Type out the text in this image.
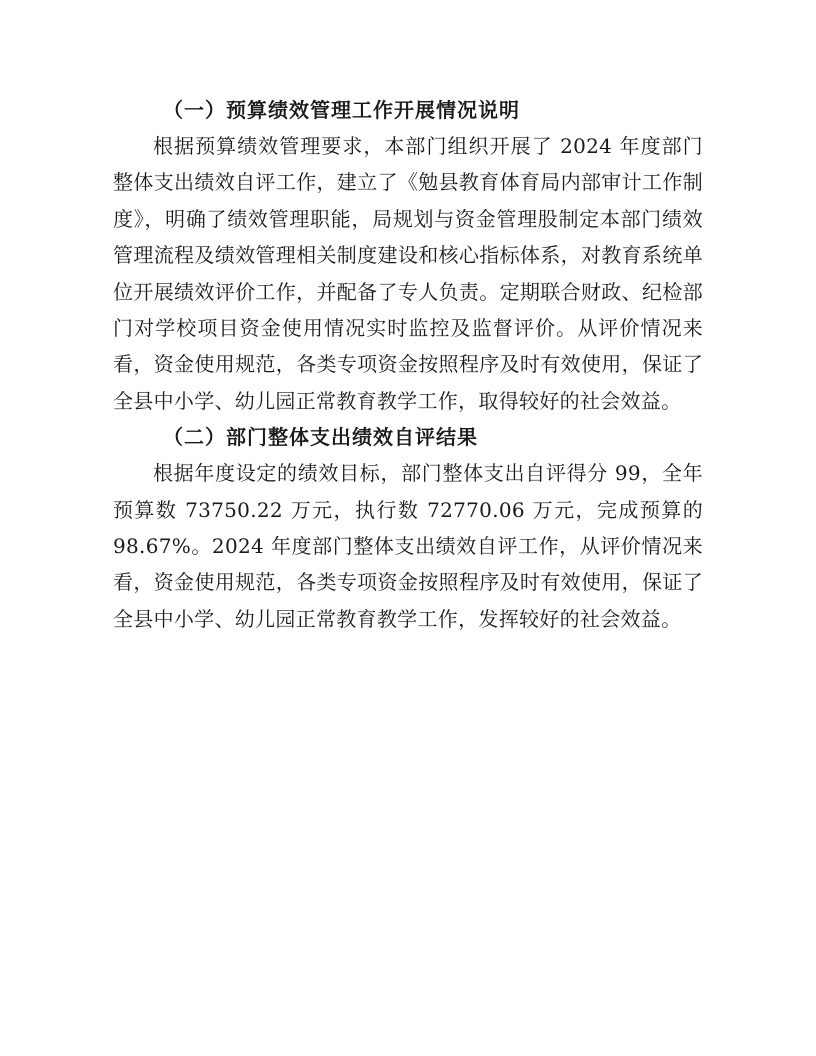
（一）预算绩效管理工作开展情况说明

根据预算绩效管理要求，本部门组织开展了 2024 年度部门整体支出绩效自评工作，建立了《勉县教育体育局内部审计工作制度》，明确了绩效管理职能，局规划与资金管理股制定本部门绩效管理流程及绩效管理相关制度建设和核心指标体系，对教育系统单位开展绩效评价工作，并配备了专人负责。定期联合财政、纪检部门对学校项目资金使用情况实时监控及监督评价。从评价情况来看，资金使用规范，各类专项资金按照程序及时有效使用，保证了全县中小学、幼儿园正常教育教学工作，取得较好的社会效益。

（二）部门整体支出绩效自评结果

根据年度设定的绩效目标，部门整体支出自评得分 99，全年预算数 73750.22 万元，执行数 72770.06 万元，完成预算的 98.67%。2024 年度部门整体支出绩效自评工作，从评价情况来看，资金使用规范，各类专项资金按照程序及时有效使用，保证了全县中小学、幼儿园正常教育教学工作，发挥较好的社会效益。
